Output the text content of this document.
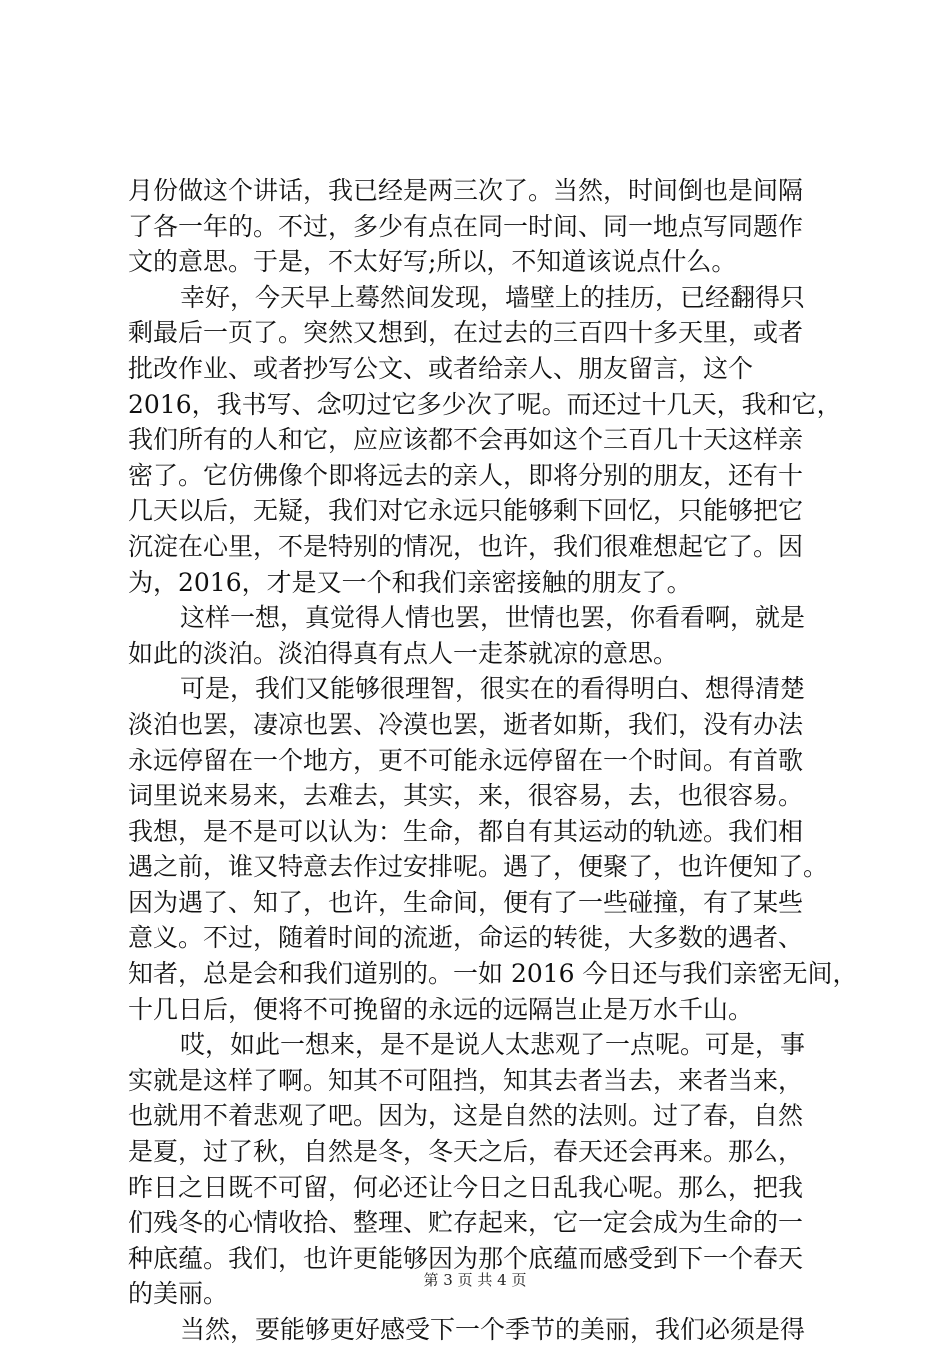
月份做这个讲话，我已经是两三次了。当然，时间倒也是间隔
了各一年的。不过，多少有点在同一时间、同一地点写同题作
文的意思。于是，不太好写;所以，不知道该说点什么。
幸好，今天早上蓦然间发现，墙壁上的挂历，已经翻得只
剩最后一页了。突然又想到，在过去的三百四十多天里，或者
批改作业、或者抄写公文、或者给亲人、朋友留言，这个
2016，我书写、念叨过它多少次了呢。而还过十几天，我和它，
我们所有的人和它，应应该都不会再如这个三百几十天这样亲
密了。它仿佛像个即将远去的亲人，即将分别的朋友，还有十
几天以后，无疑，我们对它永远只能够剩下回忆，只能够把它
沉淀在心里，不是特别的情况，也许，我们很难想起它了。因
为，2016，才是又一个和我们亲密接触的朋友了。
这样一想，真觉得人情也罢，世情也罢，你看看啊，就是
如此的淡泊。淡泊得真有点人一走茶就凉的意思。
可是，我们又能够很理智，很实在的看得明白、想得清楚
淡泊也罢，凄凉也罢、冷漠也罢，逝者如斯，我们，没有办法
永远停留在一个地方，更不可能永远停留在一个时间。有首歌
词里说来易来，去难去，其实，来，很容易，去，也很容易。
我想，是不是可以认为：生命，都自有其运动的轨迹。我们相
遇之前，谁又特意去作过安排呢。遇了，便聚了，也许便知了。
因为遇了、知了，也许，生命间，便有了一些碰撞，有了某些
意义。不过，随着时间的流逝，命运的转徙，大多数的遇者、
知者，总是会和我们道别的。一如 2016 今日还与我们亲密无间，
十几日后，便将不可挽留的永远的远隔岂止是万水千山。
哎，如此一想来，是不是说人太悲观了一点呢。可是，事
实就是这样了啊。知其不可阻挡，知其去者当去，来者当来，
也就用不着悲观了吧。因为，这是自然的法则。过了春，自然
是夏，过了秋，自然是冬，冬天之后，春天还会再来。那么，
昨日之日既不可留，何必还让今日之日乱我心呢。那么，把我
们残冬的心情收拾、整理、贮存起来，它一定会成为生命的一
种底蕴。我们，也许更能够因为那个底蕴而感受到下一个春天
的美丽。
当然，要能够更好感受下一个季节的美丽，我们必须是得
第 3 页 共 4 页
